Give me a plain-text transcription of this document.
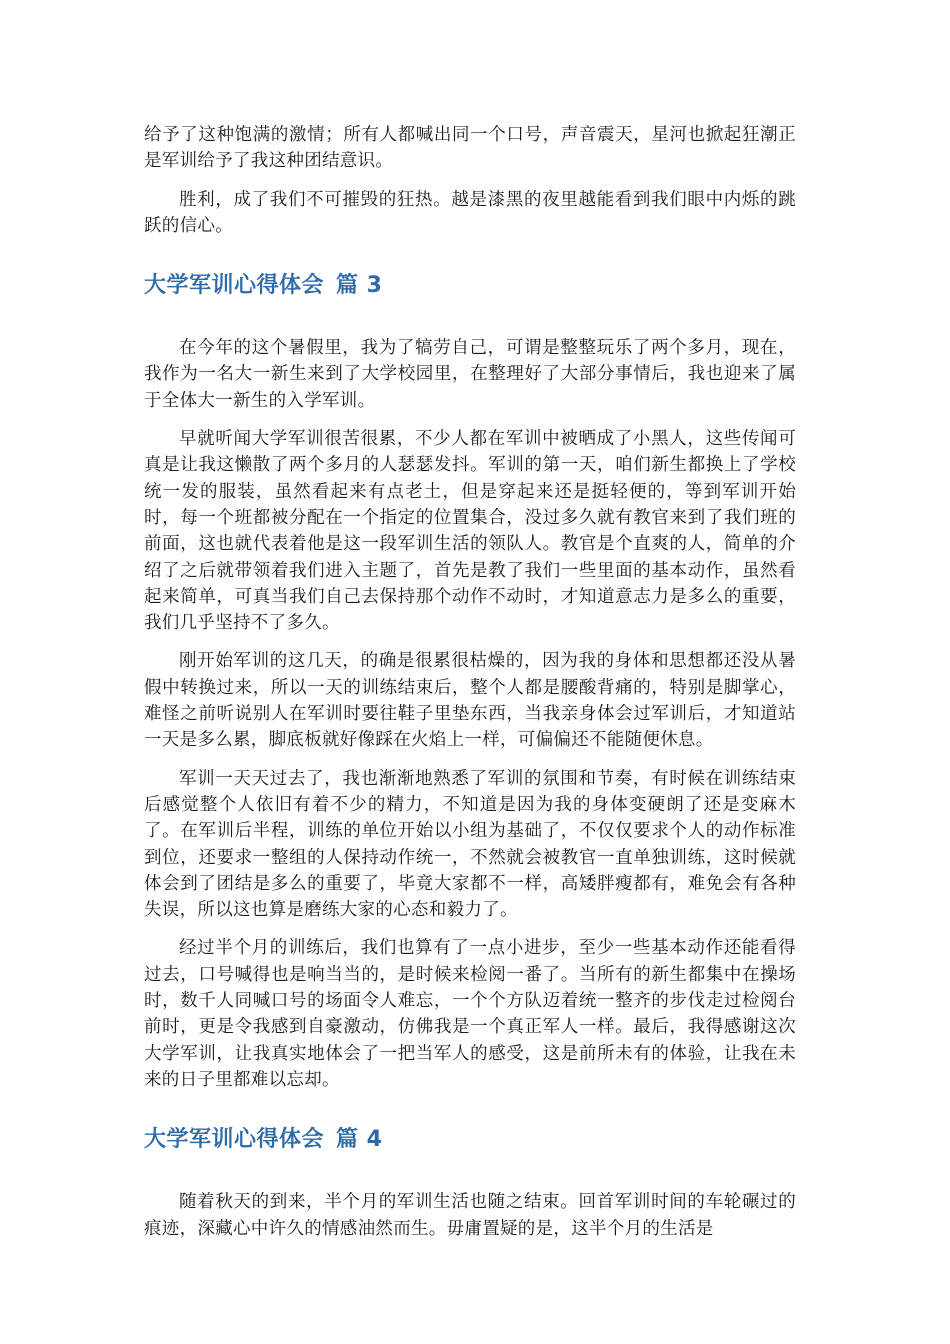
给予了这种饱满的激情；所有人都喊出同一个口号，声音震天，星河也掀起狂潮正是军训给予了我这种团结意识。

胜利，成了我们不可摧毁的狂热。越是漆黑的夜里越能看到我们眼中内烁的跳跃的信心。

大学军训心得体会 篇 3

在今年的这个暑假里，我为了犒劳自己，可谓是整整玩乐了两个多月，现在，我作为一名大一新生来到了大学校园里，在整理好了大部分事情后，我也迎来了属于全体大一新生的入学军训。

早就听闻大学军训很苦很累，不少人都在军训中被晒成了小黑人，这些传闻可真是让我这懒散了两个多月的人瑟瑟发抖。军训的第一天，咱们新生都换上了学校统一发的服装，虽然看起来有点老土，但是穿起来还是挺轻便的，等到军训开始时，每一个班都被分配在一个指定的位置集合，没过多久就有教官来到了我们班的前面，这也就代表着他是这一段军训生活的领队人。教官是个直爽的人，简单的介绍了之后就带领着我们进入主题了，首先是教了我们一些里面的基本动作，虽然看起来简单，可真当我们自己去保持那个动作不动时，才知道意志力是多么的重要，我们几乎坚持不了多久。

刚开始军训的这几天，的确是很累很枯燥的，因为我的身体和思想都还没从暑假中转换过来，所以一天的训练结束后，整个人都是腰酸背痛的，特别是脚掌心，难怪之前听说别人在军训时要往鞋子里垫东西，当我亲身体会过军训后，才知道站一天是多么累，脚底板就好像踩在火焰上一样，可偏偏还不能随便休息。

军训一天天过去了，我也渐渐地熟悉了军训的氛围和节奏，有时候在训练结束后感觉整个人依旧有着不少的精力，不知道是因为我的身体变硬朗了还是变麻木了。在军训后半程，训练的单位开始以小组为基础了，不仅仅要求个人的动作标准到位，还要求一整组的人保持动作统一，不然就会被教官一直单独训练，这时候就体会到了团结是多么的重要了，毕竟大家都不一样，高矮胖瘦都有，难免会有各种失误，所以这也算是磨练大家的心态和毅力了。

经过半个月的训练后，我们也算有了一点小进步，至少一些基本动作还能看得过去，口号喊得也是响当当的，是时候来检阅一番了。当所有的新生都集中在操场时，数千人同喊口号的场面令人难忘，一个个方队迈着统一整齐的步伐走过检阅台前时，更是令我感到自豪激动，仿佛我是一个真正军人一样。最后，我得感谢这次大学军训，让我真实地体会了一把当军人的感受，这是前所未有的体验，让我在未来的日子里都难以忘却。

大学军训心得体会 篇 4

随着秋天的到来，半个月的军训生活也随之结束。回首军训时间的车轮碾过的痕迹，深藏心中许久的情感油然而生。毋庸置疑的是，这半个月的生活是
